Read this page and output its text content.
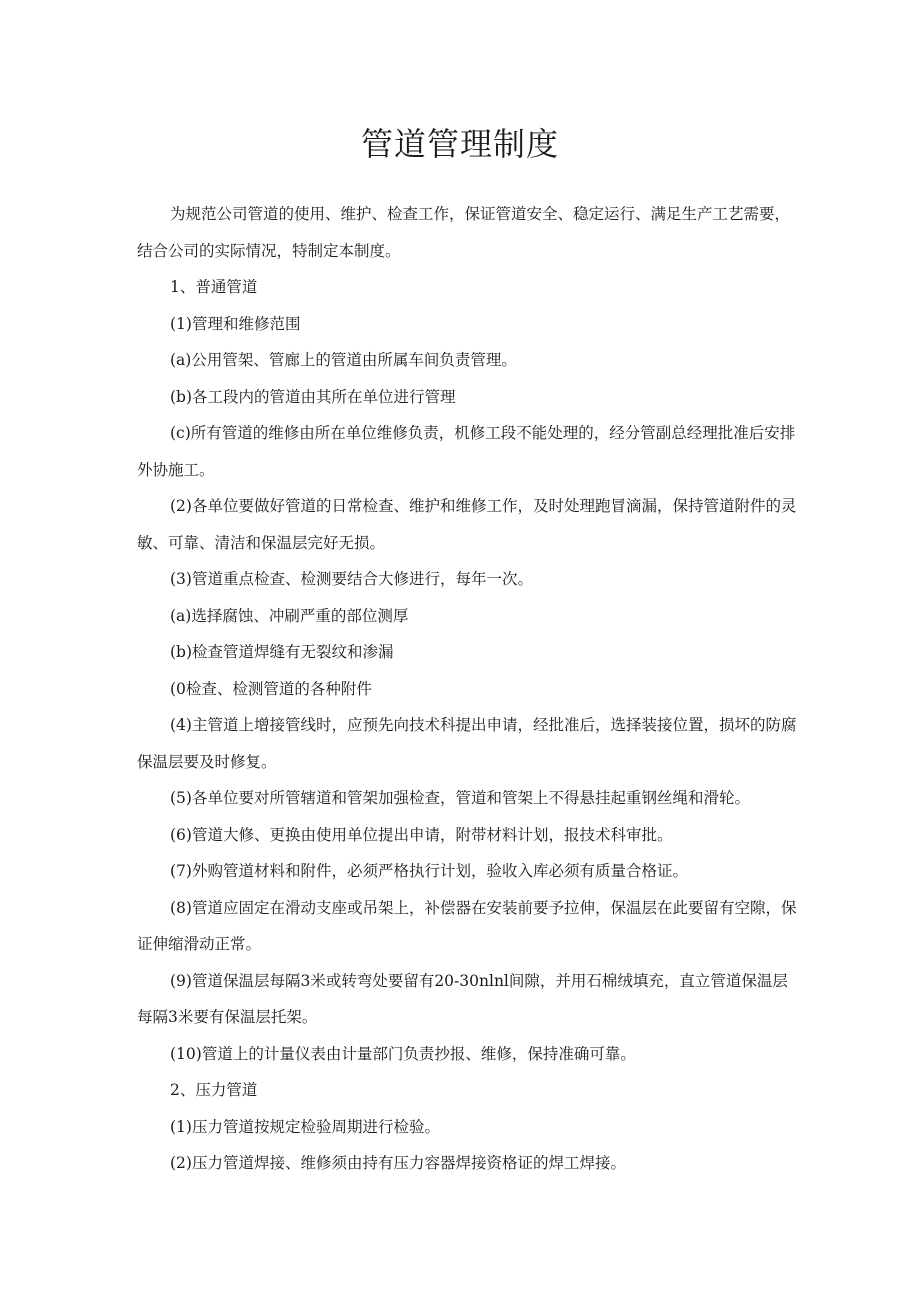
管道管理制度

为规范公司管道的使用、维护、检查工作，保证管道安全、稳定运行、满足生产工艺需要，结合公司的实际情况，特制定本制度。

1、普通管道

(1)管理和维修范围

(a)公用管架、管廊上的管道由所属车间负责管理。

(b)各工段内的管道由其所在单位进行管理

(c)所有管道的维修由所在单位维修负责，机修工段不能处理的，经分管副总经理批准后安排外协施工。

(2)各单位要做好管道的日常检查、维护和维修工作，及时处理跑冒滴漏，保持管道附件的灵敏、可靠、清洁和保温层完好无损。

(3)管道重点检查、检测要结合大修进行，每年一次。

(a)选择腐蚀、冲刷严重的部位测厚

(b)检查管道焊缝有无裂纹和渗漏

(0检查、检测管道的各种附件

(4)主管道上增接管线时，应预先向技术科提出申请，经批准后，选择装接位置，损坏的防腐保温层要及时修复。

(5)各单位要对所管辖道和管架加强检查，管道和管架上不得悬挂起重钢丝绳和滑轮。

(6)管道大修、更换由使用单位提出申请，附带材料计划，报技术科审批。

(7)外购管道材料和附件，必须严格执行计划，验收入库必须有质量合格证。

(8)管道应固定在滑动支座或吊架上，补偿器在安装前要予拉伸，保温层在此要留有空隙，保证伸缩滑动正常。

(9)管道保温层每隔3米或转弯处要留有20-30nlnl间隙，并用石棉绒填充，直立管道保温层每隔3米要有保温层托架。

(10)管道上的计量仪表由计量部门负责抄报、维修，保持准确可靠。

2、压力管道

(1)压力管道按规定检验周期进行检验。

(2)压力管道焊接、维修须由持有压力容器焊接资格证的焊工焊接。
